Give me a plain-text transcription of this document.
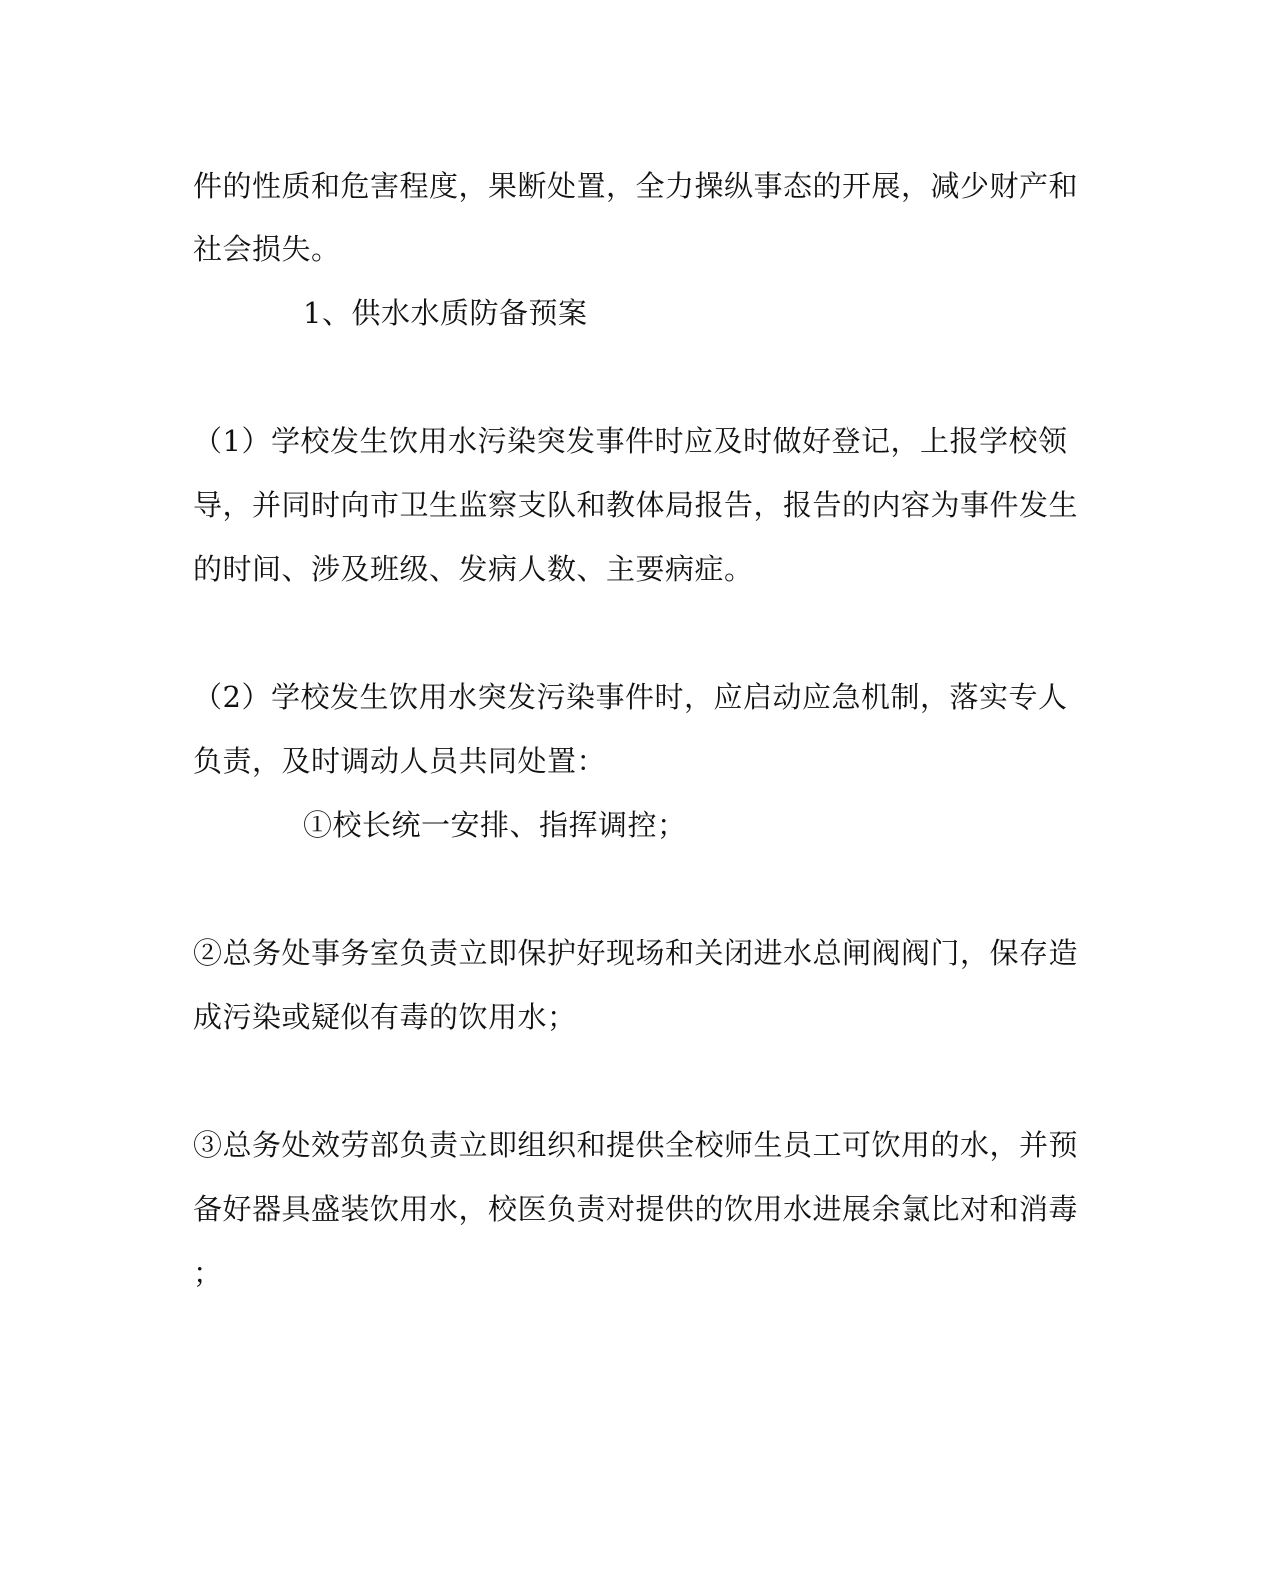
件的性质和危害程度，果断处置，全力操纵事态的开展，减少财产和
社会损失。
1、供水水质防备预案
（1）学校发生饮用水污染突发事件时应及时做好登记，上报学校领
导，并同时向市卫生监察支队和教体局报告，报告的内容为事件发生
的时间、涉及班级、发病人数、主要病症。
（2）学校发生饮用水突发污染事件时，应启动应急机制，落实专人
负责，及时调动人员共同处置：
①校长统一安排、指挥调控；
②总务处事务室负责立即保护好现场和关闭进水总闸阀阀门，保存造
成污染或疑似有毒的饮用水；
③总务处效劳部负责立即组织和提供全校师生员工可饮用的水，并预
备好器具盛装饮用水，校医负责对提供的饮用水进展余氯比对和消毒
；
